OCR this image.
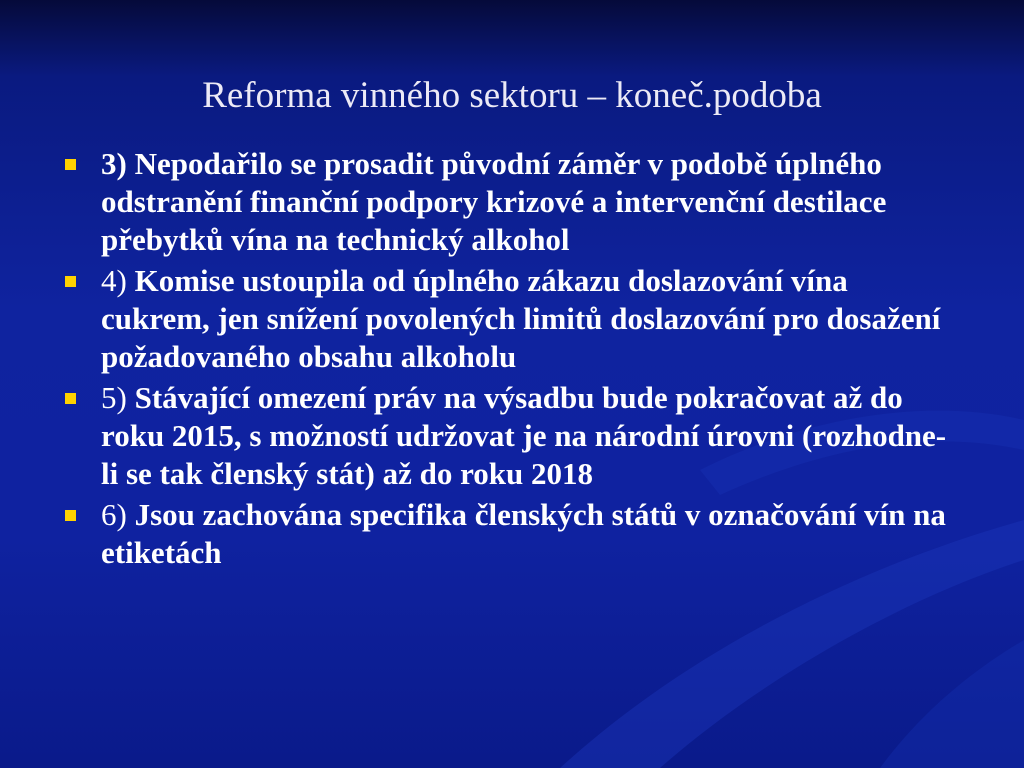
Reforma vinného sektoru – koneč.podoba
3) Nepodařilo se prosadit původní záměr v podobě úplného odstranění finanční podpory krizové a intervenční destilace přebytků vína na technický alkohol
4) Komise ustoupila od úplného zákazu doslazování vína cukrem, jen snížení povolených limitů doslazování pro dosažení požadovaného obsahu alkoholu
5) Stávající omezení práv na výsadbu bude pokračovat až do roku 2015, s možností udržovat je na národní úrovni (rozhodne-li se tak členský stát) až do roku 2018
6) Jsou zachována specifika členských států v označování vín na etiketách
